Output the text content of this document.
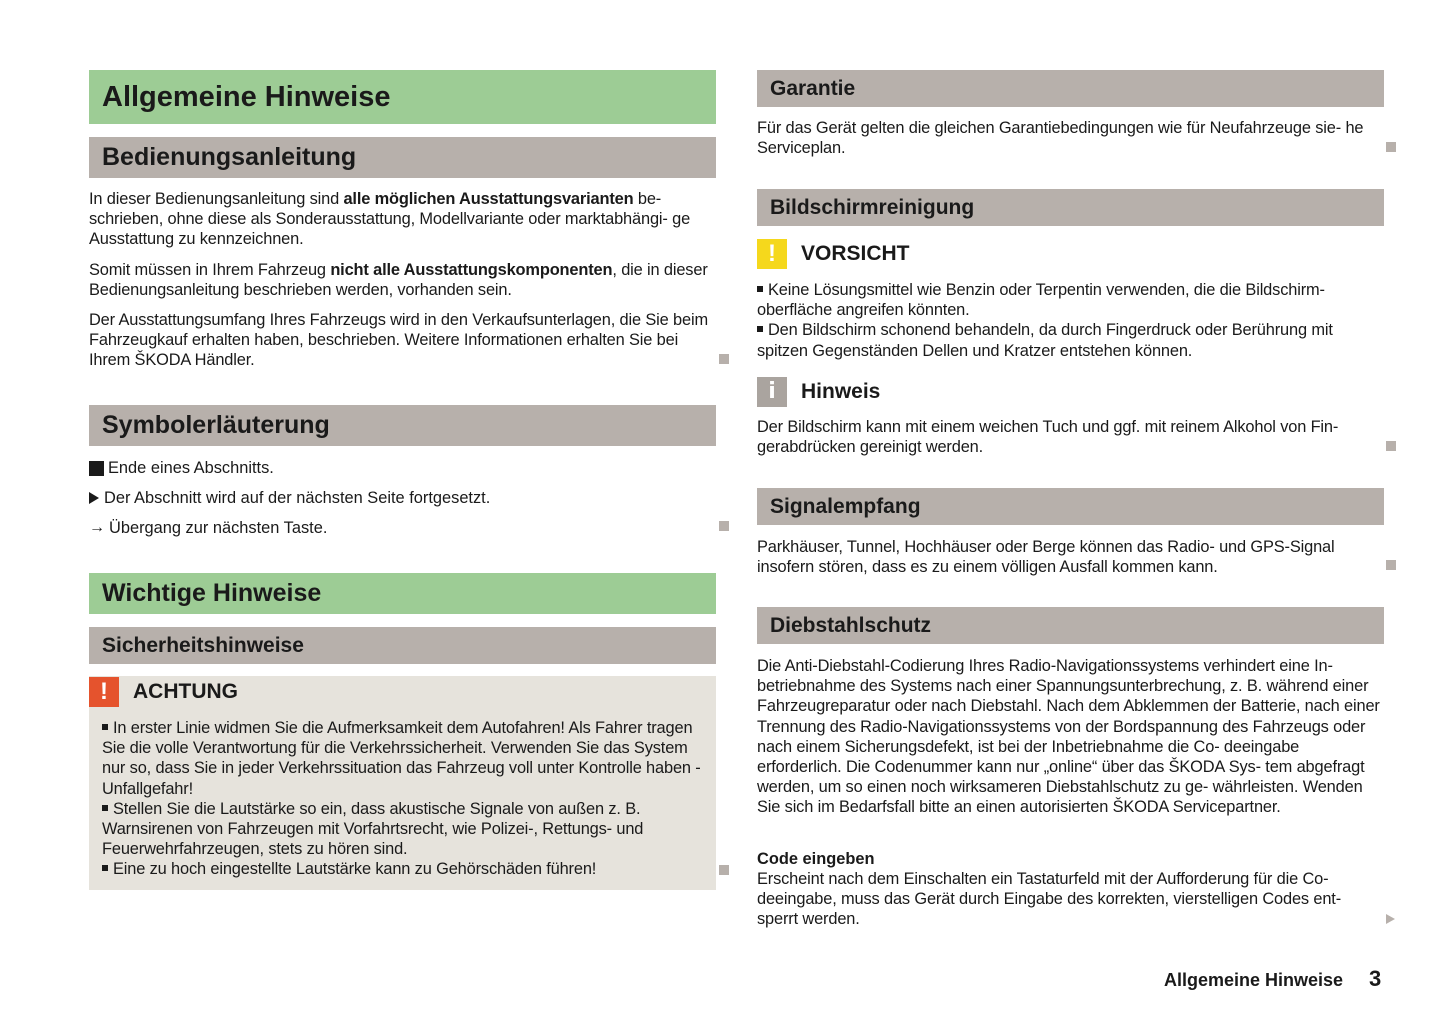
Allgemeine Hinweise
Bedienungsanleitung
In dieser Bedienungsanleitung sind alle möglichen Ausstattungsvarianten be- schrieben, ohne diese als Sonderausstattung, Modellvariante oder marktabhängi- ge Ausstattung zu kennzeichnen.
Somit müssen in Ihrem Fahrzeug nicht alle Ausstattungskomponenten, die in dieser Bedienungsanleitung beschrieben werden, vorhanden sein.
Der Ausstattungsumfang Ihres Fahrzeugs wird in den Verkaufsunterlagen, die Sie beim Fahrzeugkauf erhalten haben, beschrieben. Weitere Informationen erhalten Sie bei Ihrem ŠKODA Händler.
Symbolerläuterung
Ende eines Abschnitts.
Der Abschnitt wird auf der nächsten Seite fortgesetzt.
→ Übergang zur nächsten Taste.
Wichtige Hinweise
Sicherheitshinweise
!	ACHTUNG
In erster Linie widmen Sie die Aufmerksamkeit dem Autofahren! Als Fahrer tragen Sie die volle Verantwortung für die Verkehrssicherheit. Verwenden Sie das System nur so, dass Sie in jeder Verkehrssituation das Fahrzeug voll unter Kontrolle haben - Unfallgefahr!
Stellen Sie die Lautstärke so ein, dass akustische Signale von außen z. B. Warnsirenen von Fahrzeugen mit Vorfahrtsrecht, wie Polizei-, Rettungs- und Feuerwehrfahrzeugen, stets zu hören sind.
Eine zu hoch eingestellte Lautstärke kann zu Gehörschäden führen!
Garantie
Für das Gerät gelten die gleichen Garantiebedingungen wie für Neufahrzeuge sie- he Serviceplan.
Bildschirmreinigung
!	VORSICHT
Keine Lösungsmittel wie Benzin oder Terpentin verwenden, die die Bildschirm- oberfläche angreifen könnten.
Den Bildschirm schonend behandeln, da durch Fingerdruck oder Berührung mit spitzen Gegenständen Dellen und Kratzer entstehen können.
i	Hinweis
Der Bildschirm kann mit einem weichen Tuch und ggf. mit reinem Alkohol von Fin- gerabdrücken gereinigt werden.
Signalempfang
Parkhäuser, Tunnel, Hochhäuser oder Berge können das Radio- und GPS-Signal insofern stören, dass es zu einem völligen Ausfall kommen kann.
Diebstahlschutz
Die Anti-Diebstahl-Codierung Ihres Radio-Navigationssystems verhindert eine In- betriebnahme des Systems nach einer Spannungsunterbrechung, z. B. während einer Fahrzeugreparatur oder nach Diebstahl. Nach dem Abklemmen der Batterie, nach einer Trennung des Radio-Navigationssystems von der Bordspannung des Fahrzeugs oder nach einem Sicherungsdefekt, ist bei der Inbetriebnahme die Co- deeingabe erforderlich. Die Codenummer kann nur „online“ über das ŠKODA Sys- tem abgefragt werden, um so einen noch wirksameren Diebstahlschutz zu ge- währleisten. Wenden Sie sich im Bedarfsfall bitte an einen autorisierten ŠKODA Servicepartner.
Code eingeben
Erscheint nach dem Einschalten ein Tastaturfeld mit der Aufforderung für die Co- deeingabe, muss das Gerät durch Eingabe des korrekten, vierstelligen Codes ent- sperrt werden.
Allgemeine Hinweise 3
